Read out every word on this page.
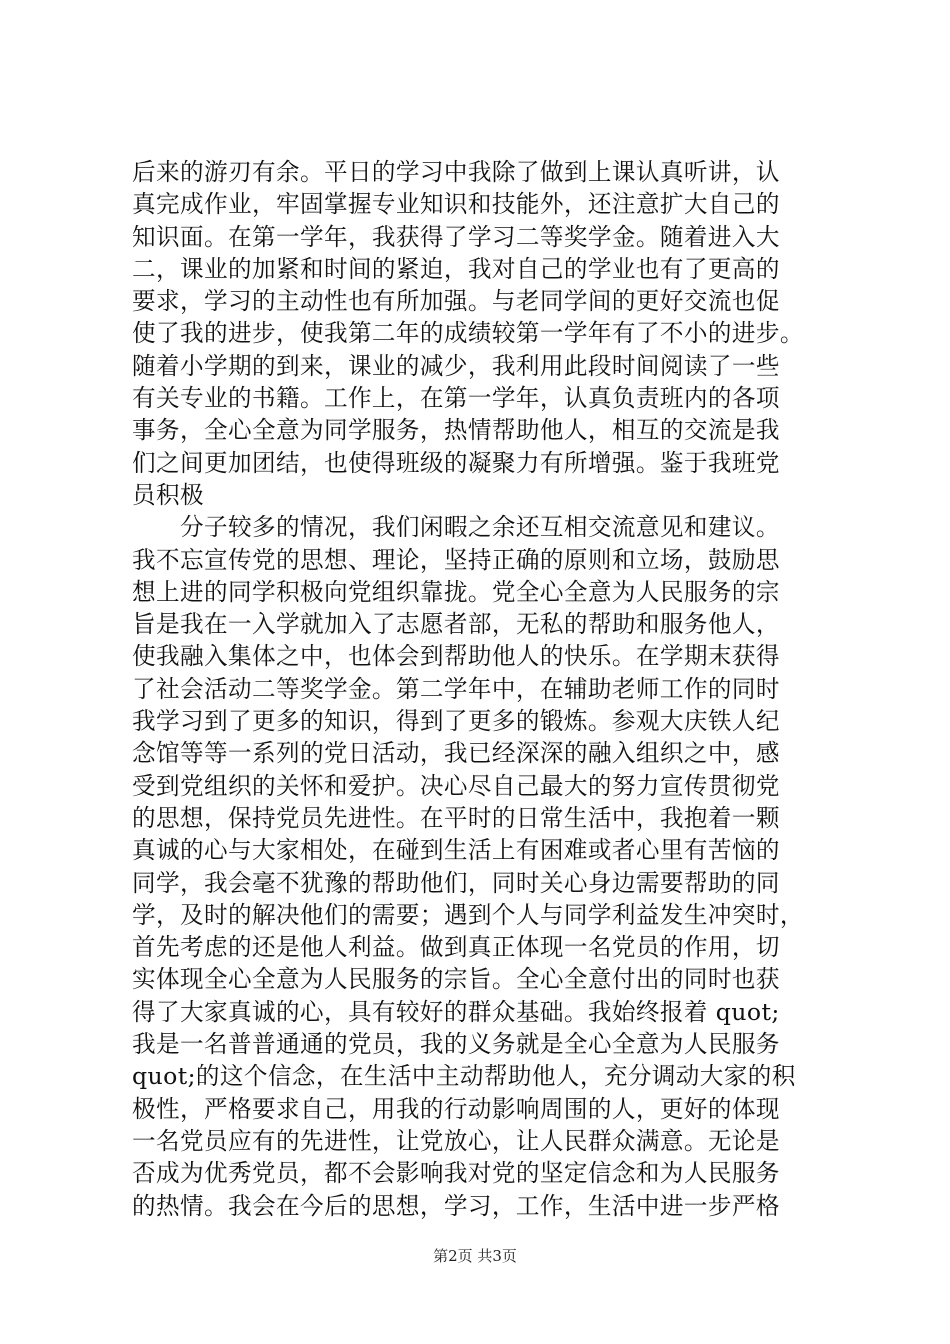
后来的游刃有余。平日的学习中我除了做到上课认真听讲，认
真完成作业，牢固掌握专业知识和技能外，还注意扩大自己的
知识面。在第一学年，我获得了学习二等奖学金。随着进入大
二，课业的加紧和时间的紧迫，我对自己的学业也有了更高的
要求，学习的主动性也有所加强。与老同学间的更好交流也促
使了我的进步，使我第二年的成绩较第一学年有了不小的进步。
随着小学期的到来，课业的减少，我利用此段时间阅读了一些
有关专业的书籍。工作上，在第一学年，认真负责班内的各项
事务，全心全意为同学服务，热情帮助他人，相互的交流是我
们之间更加团结，也使得班级的凝聚力有所增强。鉴于我班党
员积极
　　分子较多的情况，我们闲暇之余还互相交流意见和建议。
我不忘宣传党的思想、理论，坚持正确的原则和立场，鼓励思
想上进的同学积极向党组织靠拢。党全心全意为人民服务的宗
旨是我在一入学就加入了志愿者部，无私的帮助和服务他人，
使我融入集体之中，也体会到帮助他人的快乐。在学期末获得
了社会活动二等奖学金。第二学年中，在辅助老师工作的同时
我学习到了更多的知识，得到了更多的锻炼。参观大庆铁人纪
念馆等等一系列的党日活动，我已经深深的融入组织之中，感
受到党组织的关怀和爱护。决心尽自己最大的努力宣传贯彻党
的思想，保持党员先进性。在平时的日常生活中，我抱着一颗
真诚的心与大家相处，在碰到生活上有困难或者心里有苦恼的
同学，我会毫不犹豫的帮助他们，同时关心身边需要帮助的同
学，及时的解决他们的需要；遇到个人与同学利益发生冲突时，
首先考虑的还是他人利益。做到真正体现一名党员的作用，切
实体现全心全意为人民服务的宗旨。全心全意付出的同时也获
得了大家真诚的心，具有较好的群众基础。我始终报着 quot;
我是一名普普通通的党员，我的义务就是全心全意为人民服务
quot;的这个信念，在生活中主动帮助他人，充分调动大家的积
极性，严格要求自己，用我的行动影响周围的人，更好的体现
一名党员应有的先进性，让党放心，让人民群众满意。无论是
否成为优秀党员，都不会影响我对党的坚定信念和为人民服务
的热情。我会在今后的思想，学习，工作，生活中进一步严格
第2页 共3页
